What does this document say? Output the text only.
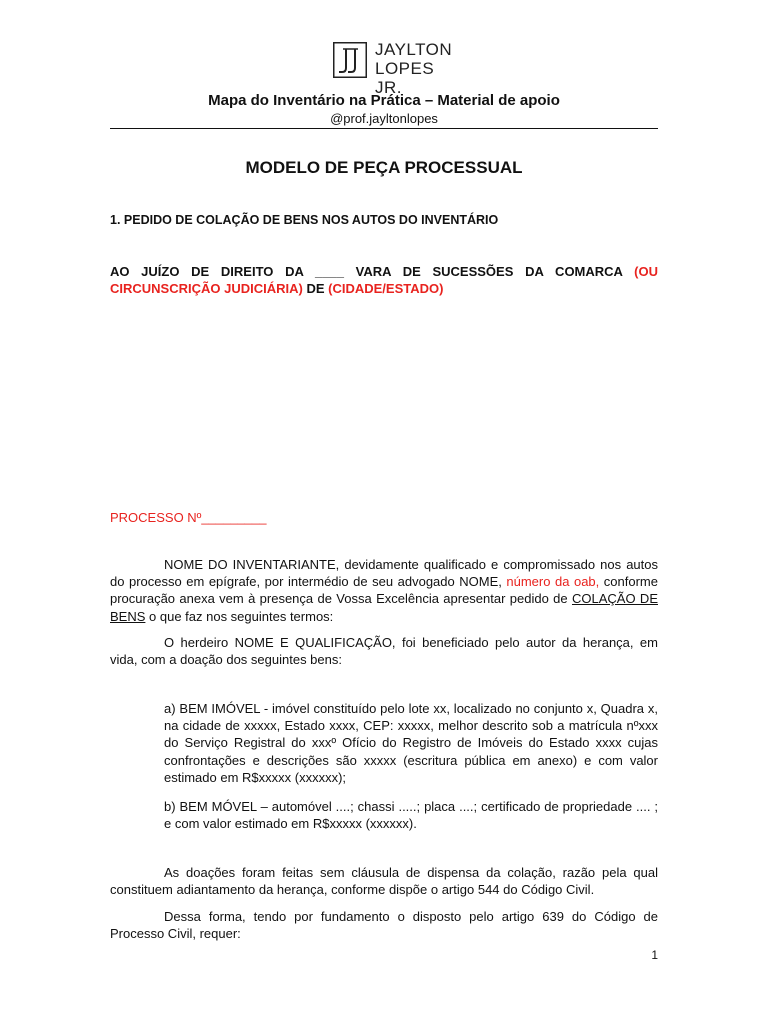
JAYLTON
LOPES JR.
Mapa do Inventário na Prática – Material de apoio
@prof.jayltonlopes
MODELO DE PEÇA PROCESSUAL
1. PEDIDO DE COLAÇÃO DE BENS NOS AUTOS DO INVENTÁRIO
AO JUÍZO DE DIREITO DA ____ VARA DE SUCESSÕES DA COMARCA (OU CIRCUNSCRIÇÃO JUDICIÁRIA) DE (CIDADE/ESTADO)
PROCESSO Nº_________
NOME DO INVENTARIANTE, devidamente qualificado e compromissado nos autos do processo em epígrafe, por intermédio de seu advogado NOME, número da oab, conforme procuração anexa vem à presença de Vossa Excelência apresentar pedido de COLAÇÃO DE BENS o que faz nos seguintes termos:
O herdeiro NOME E QUALIFICAÇÃO, foi beneficiado pelo autor da herança, em vida, com a doação dos seguintes bens:
a) BEM IMÓVEL - imóvel constituído pelo lote xx, localizado no conjunto x, Quadra x, na cidade de xxxxx, Estado xxxx, CEP: xxxxx, melhor descrito sob a matrícula nºxxx do Serviço Registral do xxxº Ofício do Registro de Imóveis do Estado xxxx cujas confrontações e descrições são xxxxx (escritura pública em anexo) e com valor estimado em R$xxxxx (xxxxxx);
b) BEM MÓVEL – automóvel ....; chassi .....; placa ....; certificado de propriedade .... ; e com valor estimado em R$xxxxx (xxxxxx).
As doações foram feitas sem cláusula de dispensa da colação, razão pela qual constituem adiantamento da herança, conforme dispõe o artigo 544 do Código Civil.
Dessa forma, tendo por fundamento o disposto pelo artigo 639 do Código de Processo Civil, requer:
1
